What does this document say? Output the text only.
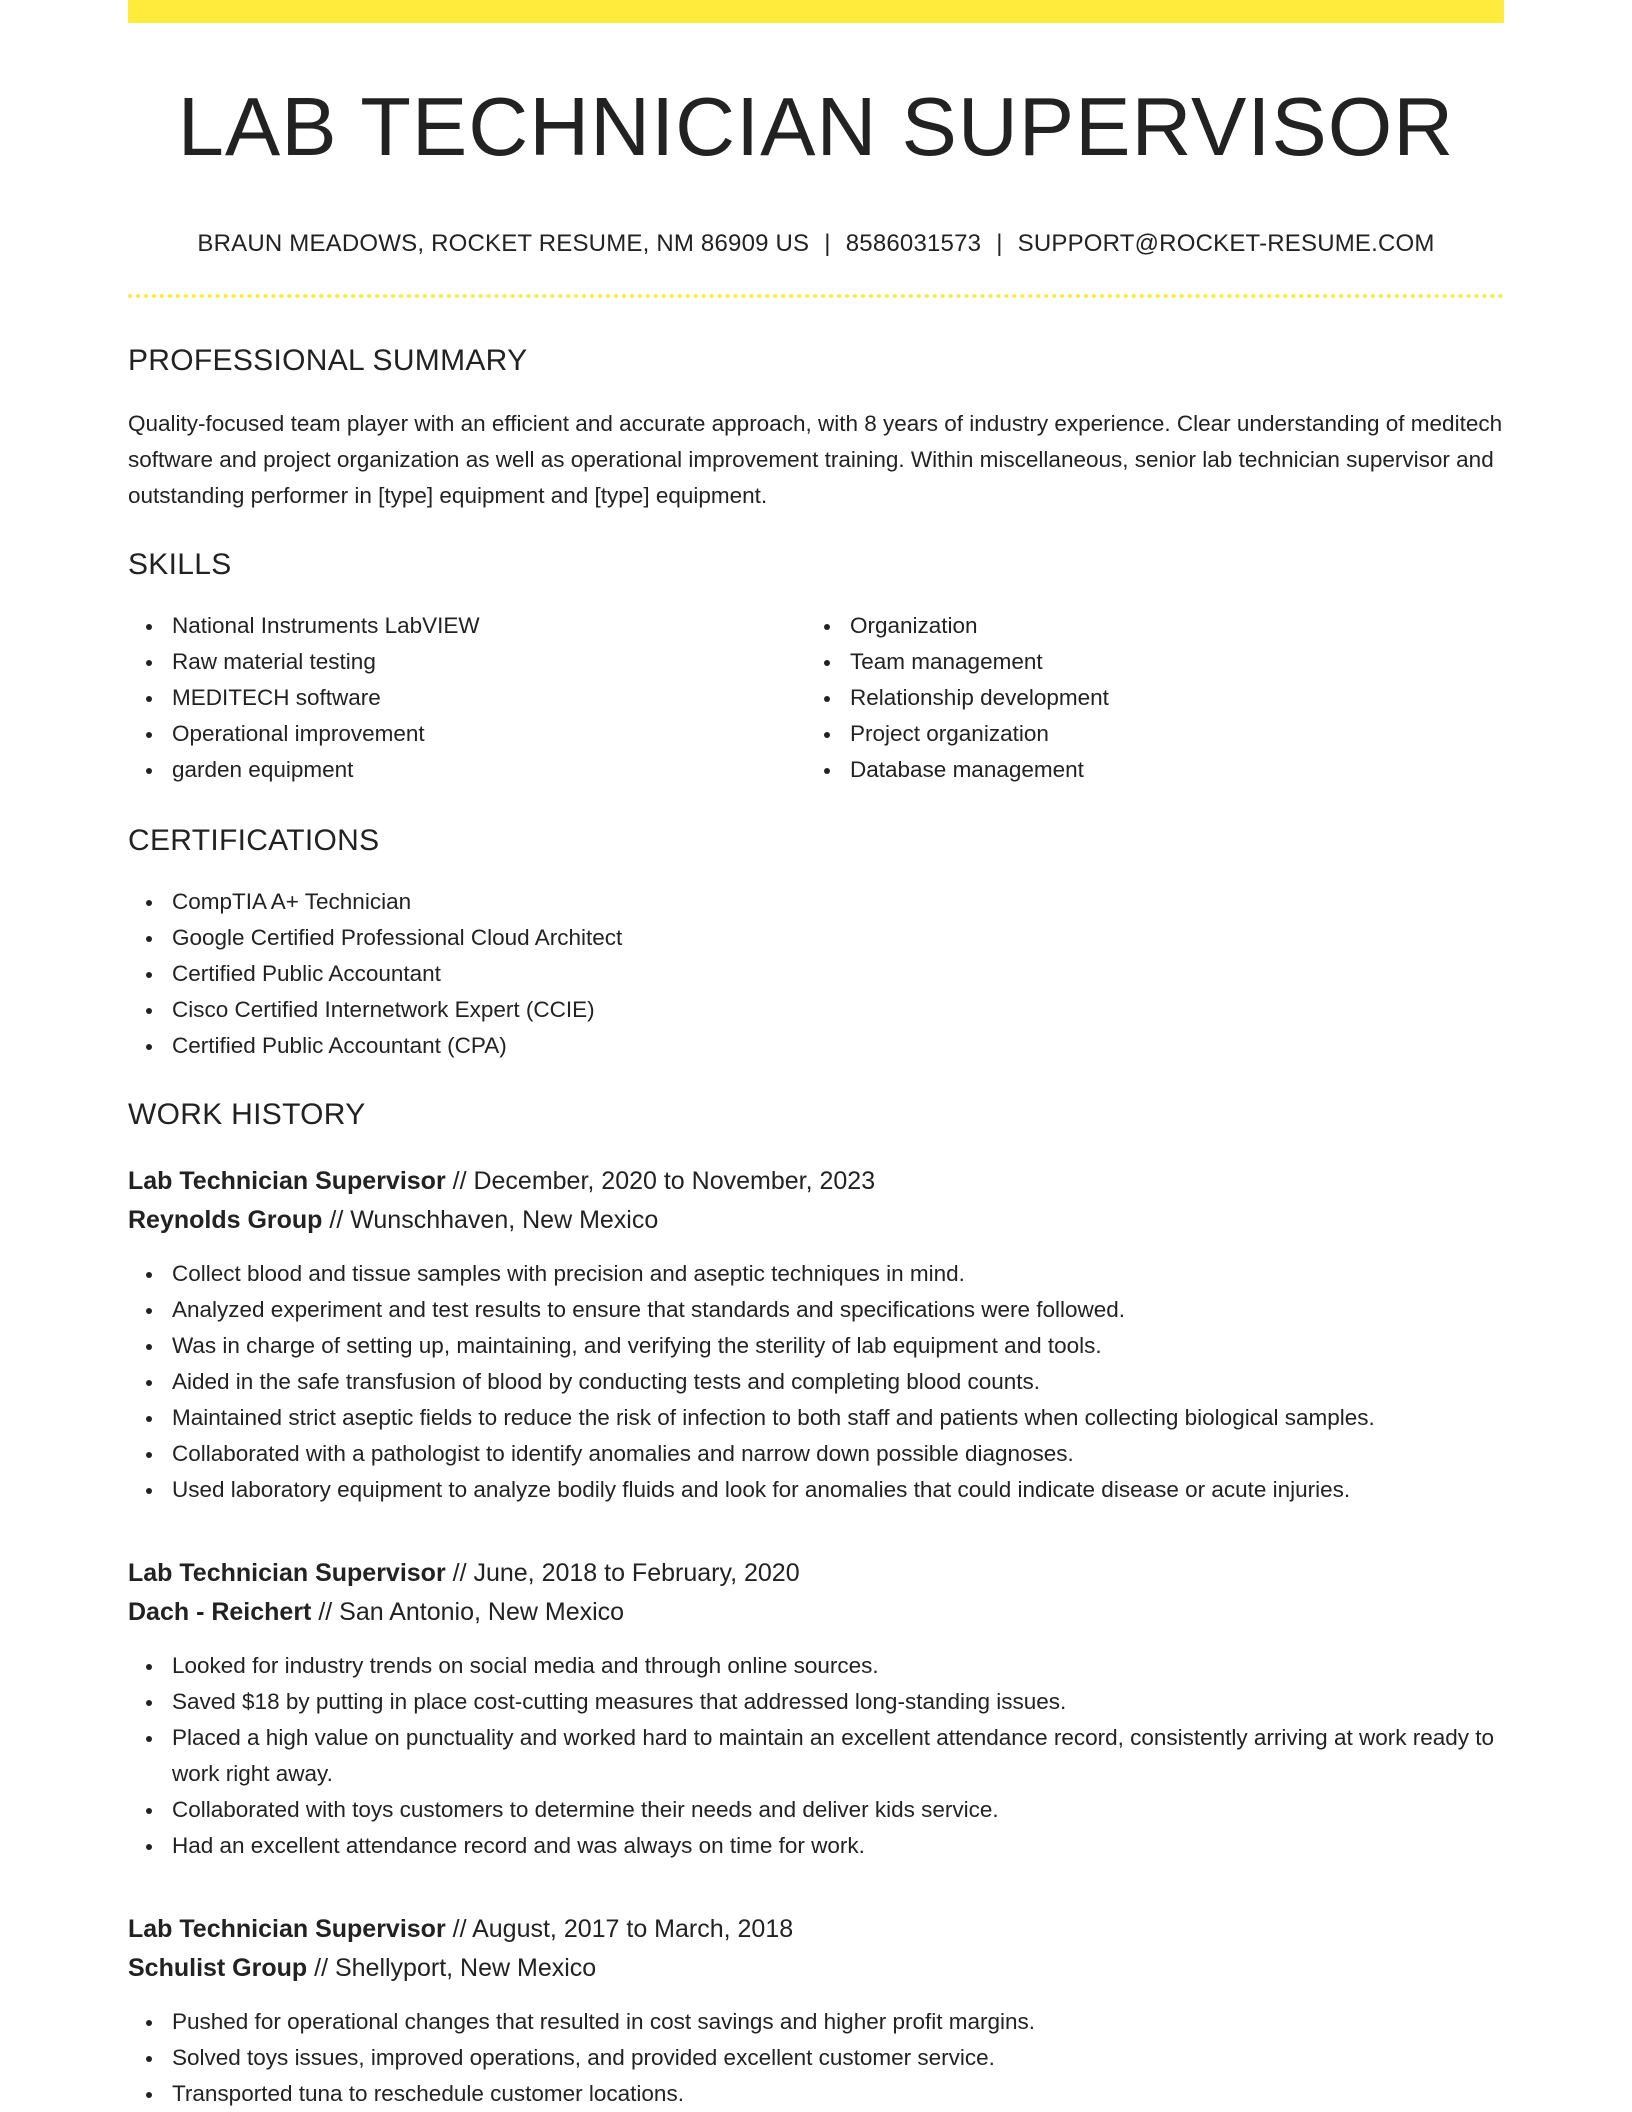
LAB TECHNICIAN SUPERVISOR
BRAUN MEADOWS, ROCKET RESUME, NM 86909 US | 8586031573 | SUPPORT@ROCKET-RESUME.COM
PROFESSIONAL SUMMARY

Quality-focused team player with an efficient and accurate approach, with 8 years of industry experience. Clear understanding of meditech software and project organization as well as operational improvement training. Within miscellaneous, senior lab technician supervisor and outstanding performer in [type] equipment and [type] equipment.

SKILLS
National Instruments LabVIEW
Raw material testing
MEDITECH software
Operational improvement
garden equipment
Organization
Team management
Relationship development
Project organization
Database management
CERTIFICATIONS
CompTIA A+ Technician
Google Certified Professional Cloud Architect
Certified Public Accountant
Cisco Certified Internetwork Expert (CCIE)
Certified Public Accountant (CPA)
WORK HISTORY
Lab Technician Supervisor // December, 2020 to November, 2023
Reynolds Group // Wunschhaven, New Mexico
Collect blood and tissue samples with precision and aseptic techniques in mind.
Analyzed experiment and test results to ensure that standards and specifications were followed.
Was in charge of setting up, maintaining, and verifying the sterility of lab equipment and tools.
Aided in the safe transfusion of blood by conducting tests and completing blood counts.
Maintained strict aseptic fields to reduce the risk of infection to both staff and patients when collecting biological samples.
Collaborated with a pathologist to identify anomalies and narrow down possible diagnoses.
Used laboratory equipment to analyze bodily fluids and look for anomalies that could indicate disease or acute injuries.
Lab Technician Supervisor // June, 2018 to February, 2020
Dach - Reichert // San Antonio, New Mexico
Looked for industry trends on social media and through online sources.
Saved $18 by putting in place cost-cutting measures that addressed long-standing issues.
Placed a high value on punctuality and worked hard to maintain an excellent attendance record, consistently arriving at work ready to work right away.
Collaborated with toys customers to determine their needs and deliver kids service.
Had an excellent attendance record and was always on time for work.
Lab Technician Supervisor // August, 2017 to March, 2018
Schulist Group // Shellyport, New Mexico
Pushed for operational changes that resulted in cost savings and higher profit margins.
Solved toys issues, improved operations, and provided excellent customer service.
Transported tuna to reschedule customer locations.
